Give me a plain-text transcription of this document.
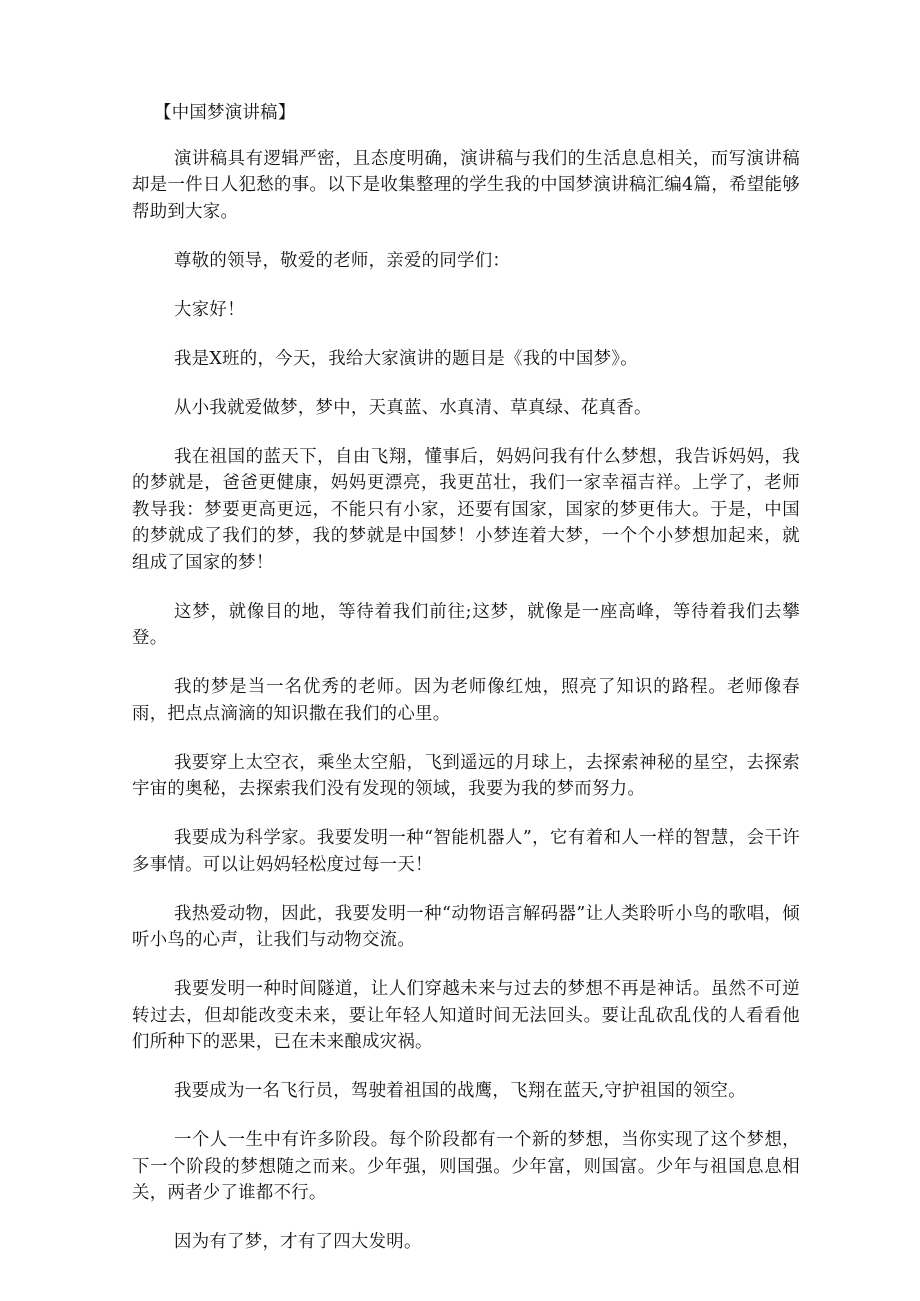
【中国梦演讲稿】

演讲稿具有逻辑严密，且态度明确，演讲稿与我们的生活息息相关，而写演讲稿却是一件日人犯愁的事。以下是收集整理的学生我的中国梦演讲稿汇编4篇，希望能够帮助到大家。

尊敬的领导，敬爱的老师，亲爱的同学们：

大家好！

我是X班的，今天，我给大家演讲的题目是《我的中国梦》。

从小我就爱做梦，梦中，天真蓝、水真清、草真绿、花真香。

我在祖国的蓝天下，自由飞翔，懂事后，妈妈问我有什么梦想，我告诉妈妈，我的梦就是，爸爸更健康，妈妈更漂亮，我更茁壮，我们一家幸福吉祥。上学了，老师教导我：梦要更高更远，不能只有小家，还要有国家，国家的梦更伟大。于是，中国的梦就成了我们的梦，我的梦就是中国梦！小梦连着大梦，一个个小梦想加起来，就组成了国家的梦！

这梦，就像目的地，等待着我们前往;这梦，就像是一座高峰，等待着我们去攀登。

我的梦是当一名优秀的老师。因为老师像红烛，照亮了知识的路程。老师像春雨，把点点滴滴的知识撒在我们的心里。

我要穿上太空衣，乘坐太空船，飞到遥远的月球上，去探索神秘的星空，去探索宇宙的奥秘，去探索我们没有发现的领域，我要为我的梦而努力。

我要成为科学家。我要发明一种“智能机器人”，它有着和人一样的智慧，会干许多事情。可以让妈妈轻松度过每一天！

我热爱动物，因此，我要发明一种“动物语言解码器”让人类聆听小鸟的歌唱，倾听小鸟的心声，让我们与动物交流。

我要发明一种时间隧道，让人们穿越未来与过去的梦想不再是神话。虽然不可逆转过去，但却能改变未来，要让年轻人知道时间无法回头。要让乱砍乱伐的人看看他们所种下的恶果，已在未来酿成灾祸。

我要成为一名飞行员，驾驶着祖国的战鹰，飞翔在蓝天,守护祖国的领空。

一个人一生中有许多阶段。每个阶段都有一个新的梦想，当你实现了这个梦想，下一个阶段的梦想随之而来。少年强，则国强。少年富，则国富。少年与祖国息息相关，两者少了谁都不行。

因为有了梦，才有了四大发明。
